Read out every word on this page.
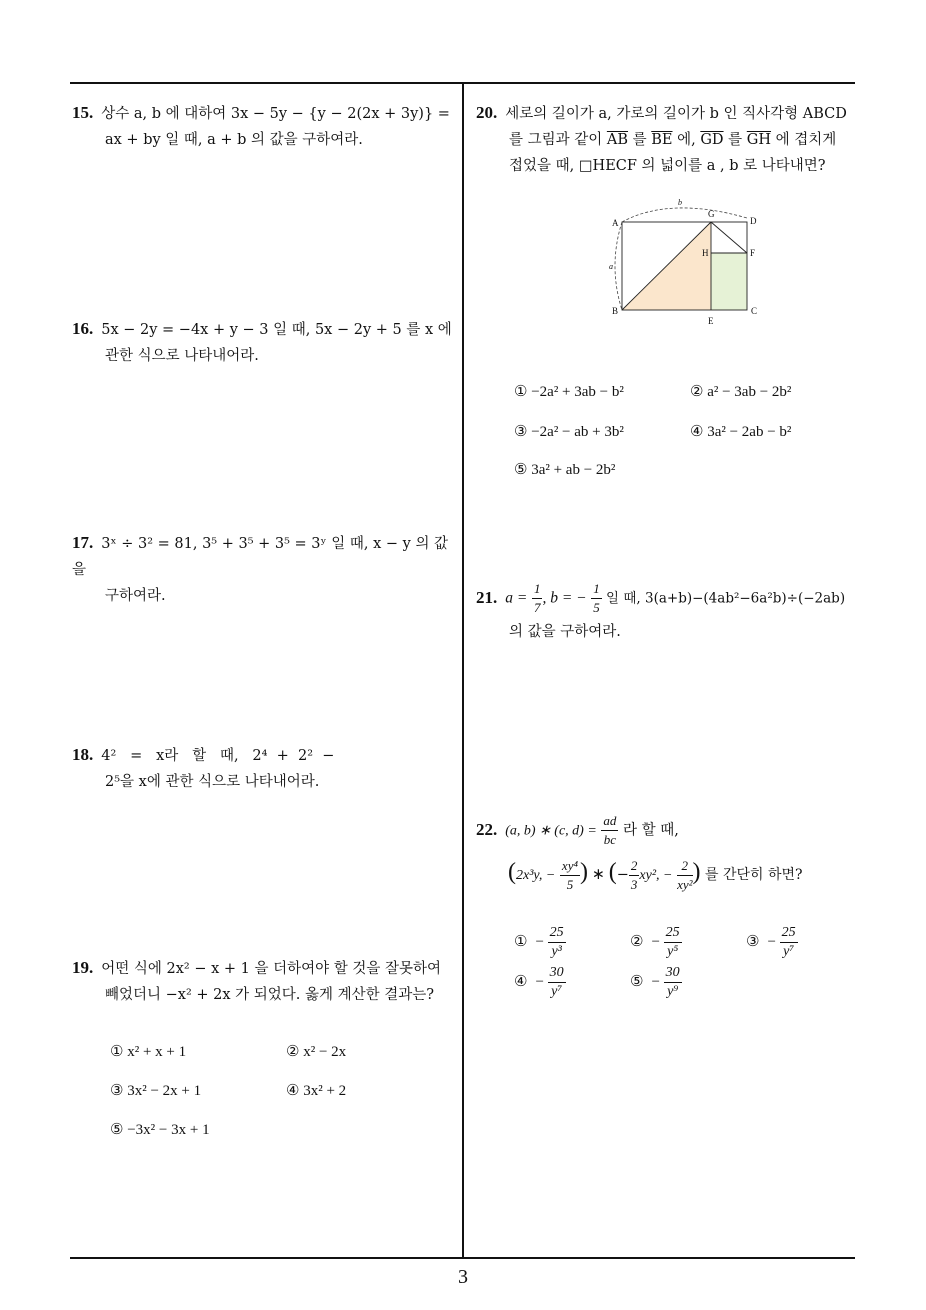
15. 상수 a, b 에 대하여 3x − 5y − {y − 2(2x + 3y)} =
ax + by 일 때, a + b 의 값을 구하여라.
16. 5x − 2y = −4x + y − 3 일 때, 5x − 2y + 5 를 x 에
관한 식으로 나타내어라.
17. 3ˣ ÷ 3² = 81, 3⁵ + 3⁵ + 3⁵ = 3ʸ 일 때, x − y 의 값을
구하여라.
18. 4²   =   x라   할   때,   2⁴  +  2²  −
2⁵을 x에 관한 식으로 나타내어라.
19. 어떤 식에 2x² − x + 1 을 더하여야 할 것을 잘못하여
빼었더니 −x² + 2x 가 되었다. 옳게 계산한 결과는?
① x² + x + 1	② x² − 2x
③ 3x² − 2x + 1	④ 3x² + 2
⑤ −3x² − 3x + 1
20. 세로의 길이가 a, 가로의 길이가 b 인 직사각형 ABCD
를 그림과 같이 $\overline{AB}$ 를 $\overline{BE}$ 에, $\overline{GD}$ 를 $\overline{GH}$ 에 겹치게
접었을 때, □HECF 의 넓이를 a , b 로 나타내면?
A
B	C
D
E
F
G
H
a
b
① −2a² + 3ab − b²	② a² − 3ab − 2b²
③ −2a² − ab + 3b²	④ 3a² − 2ab − b²
⑤ 3a² + ab − 2b²
21. $a = \frac{1}{7}$ , b = − $\frac{1}{5}$ 일 때, 3(a+b)−(4ab²−6a²b)÷(−2ab)
의 값을 구하여라.
22. (a, b) ∗ (c, $d) = \frac{ad}{bc}$ 라 할 때,
(2x³y, − $\frac{\text{xy⁴}}{5}$ ) ∗ (− $\frac{2}{3} xy^2$, − $\frac{2}{\text{xy²}}$ ) 를 간단히 하면?
① − $\frac{25}{\text{y³}}$	② − $\frac{25}{\text{y⁵}}$	③ − $\frac{25}{\text{y⁷}}$
④ − $\frac{30}{\text{y⁷}}$	⑤ − $\frac{30}{\text{y⁹}}$
3
